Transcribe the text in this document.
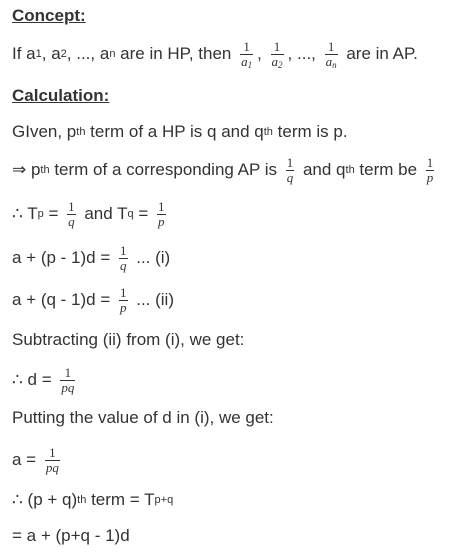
Concept:
If a 1 , a 2 , ..., a n are in HP, then $\frac{1}{a_1}$ , $\frac{1}{a_2}$ , ..., $\frac{1}{a_n}$ are in AP.
Calculation:
GIven, p th term of a HP is q and q th term is p.
⇒ p th term of a corresponding AP is $\frac{1}{q}$ and q th term be $\frac{1}{p}$
∴ T $p = \frac{1}{q}$ and T $q = \frac{1}{p}$
$a + (p - 1)d = \frac{1}{q}$ ... (i)
$a + (q - 1)d = \frac{1}{p}$ ... (ii)
Subtracting (ii) from (i), we get:
∴ $d = \frac{1}{pq}$
Putting the value of d in (i), we get:
$a = \frac{1}{pq}$
∴ (p + q) th term = T p+q
= a + (p+q - 1)d
